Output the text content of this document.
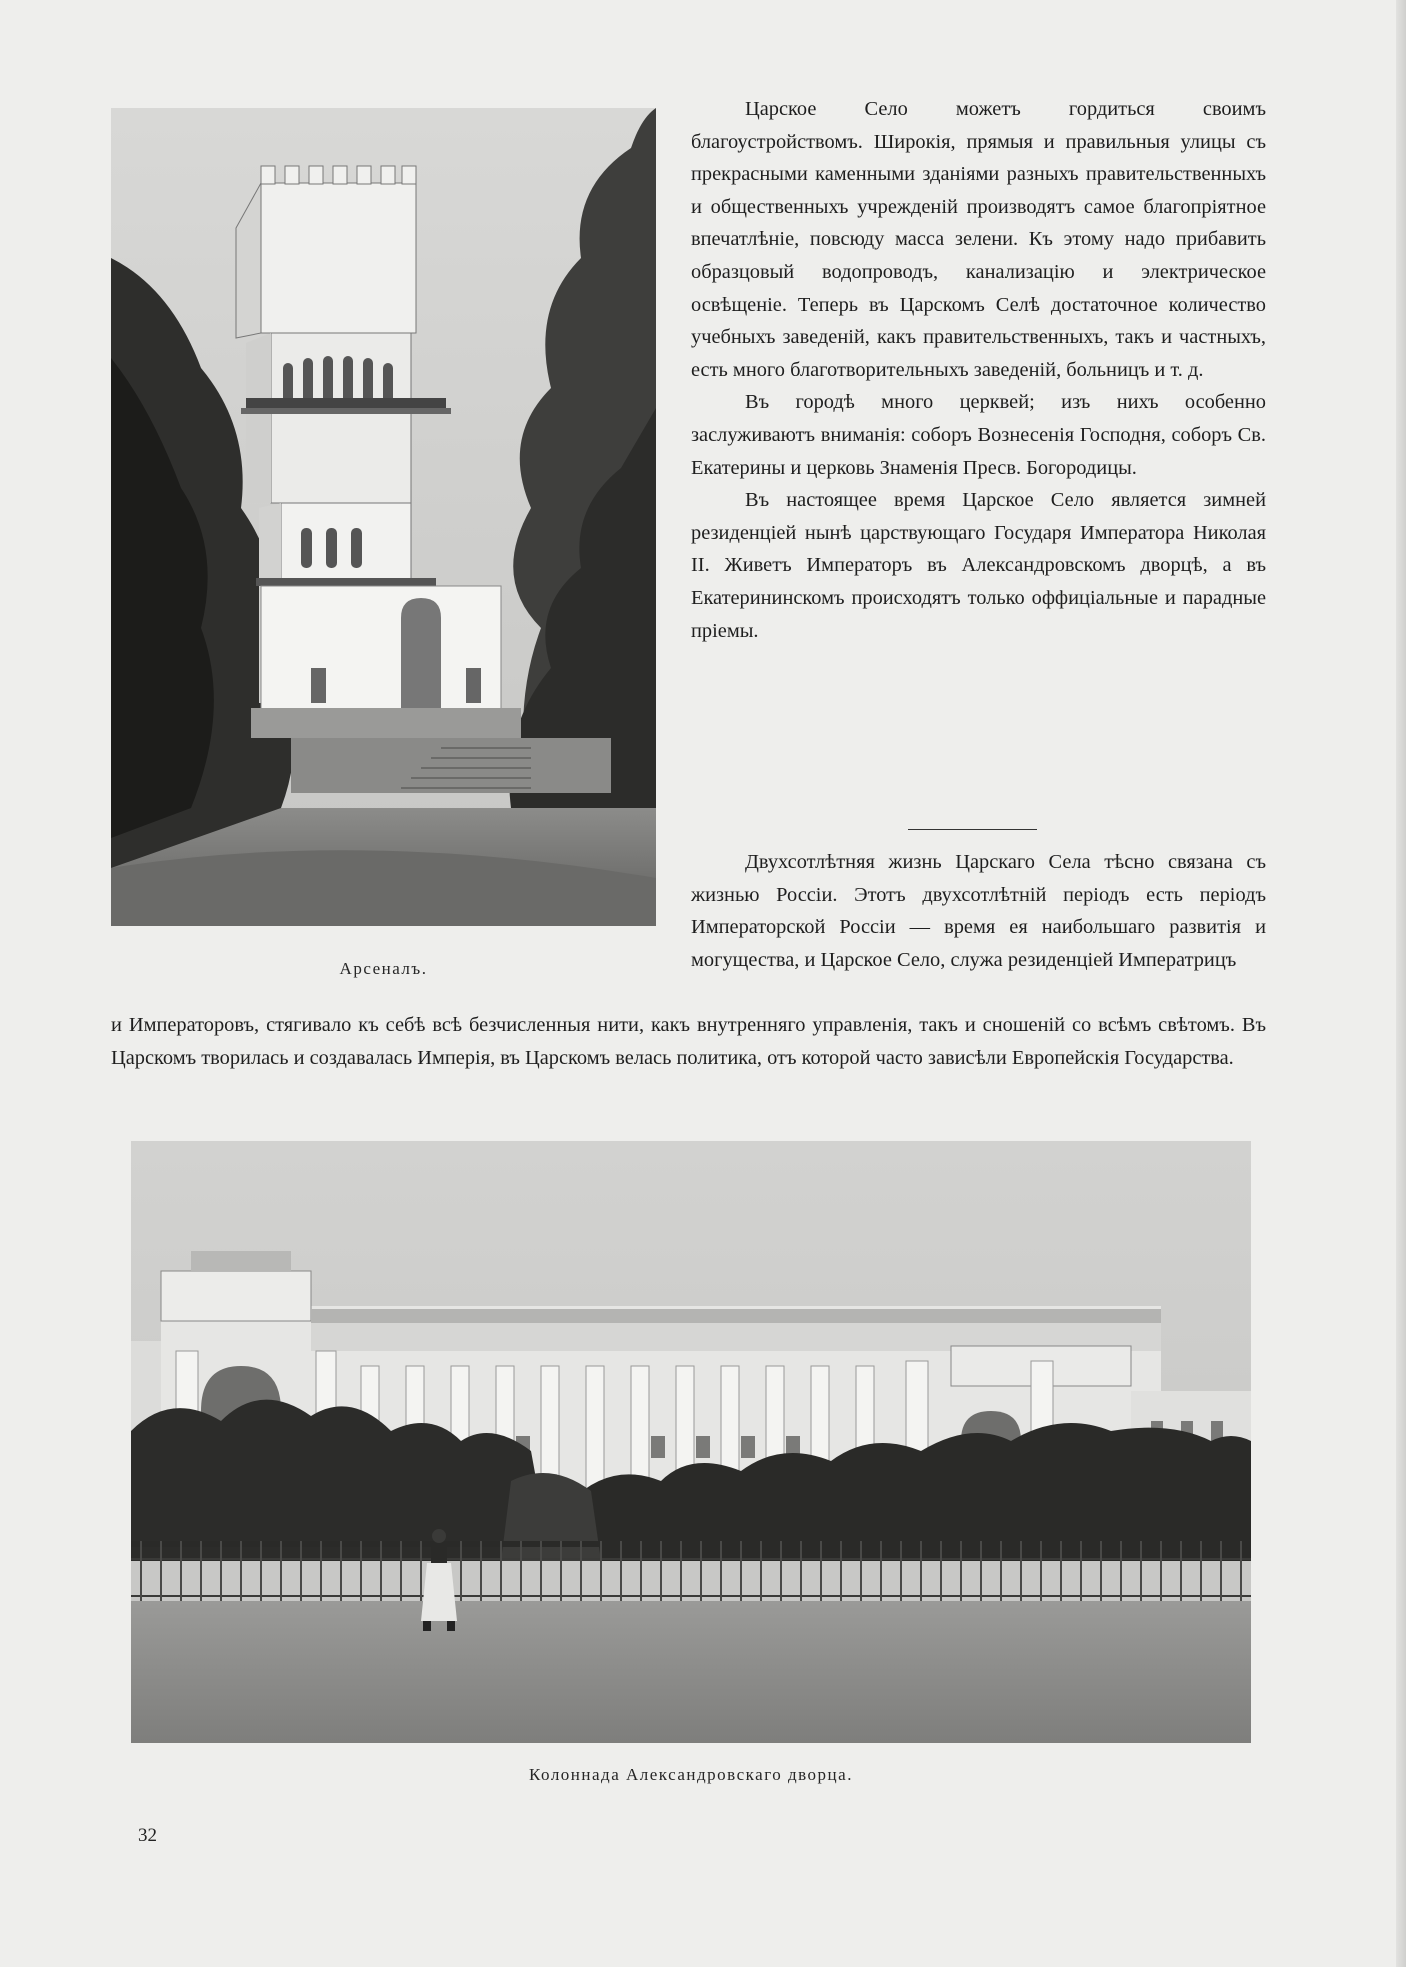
Арсеналъ.

Царское Село можетъ гордиться своимъ благоустройствомъ. Широкія, прямыя и правильныя улицы съ прекрасными каменными зданіями разныхъ правительственныхъ и общественныхъ учрежденій производятъ самое благопріятное впечатлѣніе, повсюду масса зелени. Къ этому надо прибавить образцовый водопроводъ, канализацію и электрическое освѣщеніе. Теперь въ Царскомъ Селѣ достаточное количество учебныхъ заведеній, какъ правительственныхъ, такъ и частныхъ, есть много благотворительныхъ заведеній, больницъ и т. д.

Въ городѣ много церквей; изъ нихъ особенно заслуживаютъ вниманія: соборъ Вознесенія Господня, соборъ Св. Екатерины и церковь Знаменія Пресв. Богородицы.

Въ настоящее время Царское Село является зимней резиденціей нынѣ царствующаго Государя Императора Николая II. Живетъ Императоръ въ Александровскомъ дворцѣ, а въ Екатерининскомъ происходятъ только оффиціальные и парадные пріемы.

Двухсотлѣтняя жизнь Царскаго Села тѣсно связана съ жизнью Россіи. Этотъ двухсотлѣтній періодъ есть періодъ Императорской Россіи — время ея наибольшаго развитія и могущества, и Царское Село, служа резиденціей Императрицъ

и Императоровъ, стягивало къ себѣ всѣ безчисленныя нити, какъ внутренняго управленія, такъ и сношеній со всѣмъ свѣтомъ. Въ Царскомъ творилась и создавалась Имперія, въ Царскомъ велась политика, отъ которой часто зависѣли Европейскія Государства.

Колоннада Александровскаго дворца.
32
